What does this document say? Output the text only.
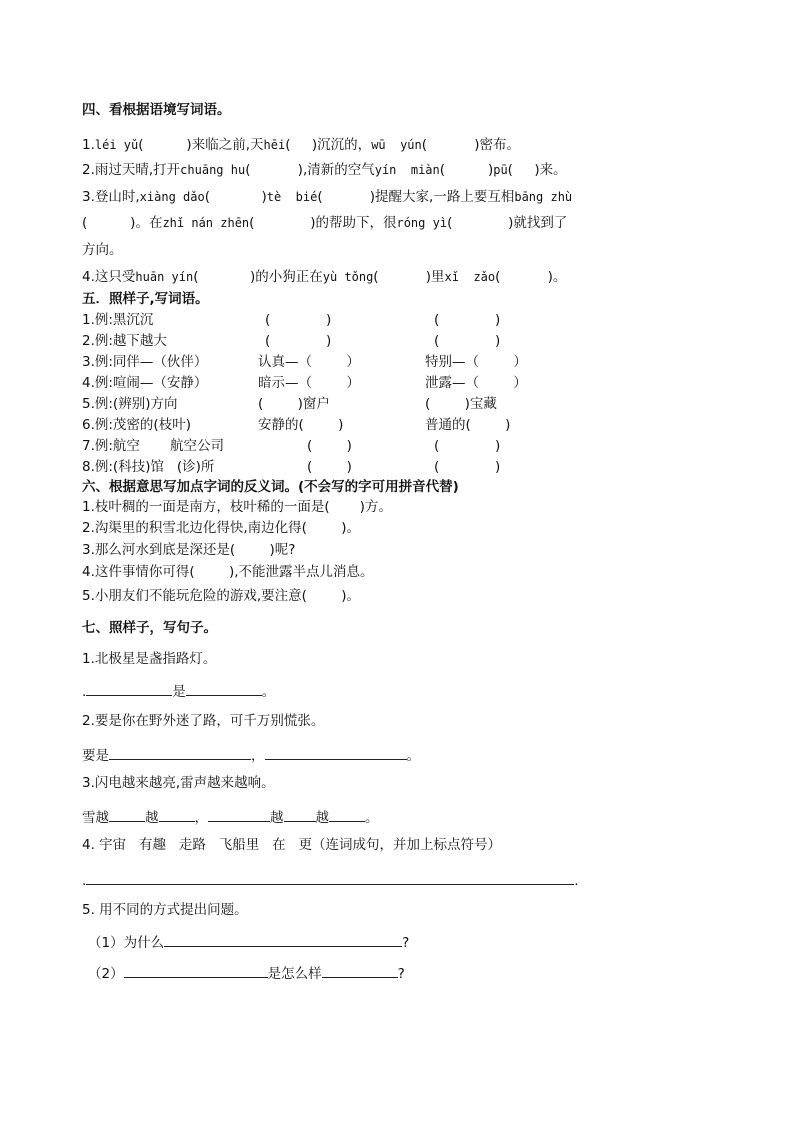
四、看根据语境写词语。
1.léi yǔ(          )来临之前,天hēi(     )沉沉的，wū  yún(           )密布。
2.雨过天晴,打开chuāng hu(           ),清新的空气yín  miàn(          )pū(     )来。
3.登山时,xiàng dǎo(            )tè  bié(           )提醒大家,一路上要互相bāng zhù
(          )。在zhǐ nán zhēn(             )的帮助下，很róng yì(             )就找到了
方向。
4.这只受huān yín(            )的小狗正在yù tǒng(           )里xǐ  zǎo(           )。
五．照样子,写词语。
1.例:黑沉沉	(             )	(             )
2.例:越下越大	(             )	(             )
3.例:同伴—（伙伴）	认真—（        ）	特别—（        ）
4.例:喧闹—（安静）	暗示—（        ）	泄露—（        ）
5.例:(辨别)方向	(        )窗户	(        )宝藏
6.例:茂密的(枝叶)	安静的(        )	普通的(        )
7.例:航空       航空公司	(        )	(             )
8.例:(科技)馆   (诊)所	(        )	(             )
六、根据意思写加点字词的反义词。(不会写的字可用拼音代替)
1.枝叶稠的一面是南方，枝叶稀的一面是(       )方。
2.沟渠里的积雪北边化得快,南边化得(        )。
3.那么河水到底是深还是(        )呢?
4.这件事情你可得(        ),不能泄露半点儿消息。
5.小朋友们不能玩危险的游戏,要注意(        )。
七、照样子，写句子。
1.北极星是盏指路灯。
.	是	。
2.要是你在野外迷了路，可千万别慌张。
要是	，	。
3.闪电越来越亮,雷声越来越响。
雪越	越	，	越 越	。
4. 宇宙   有趣   走路   飞船里   在   更（连词成句，并加上标点符号）
.	.
5. 用不同的方式提出问题。
（1）为什么	?
（2）	是怎么样	?
